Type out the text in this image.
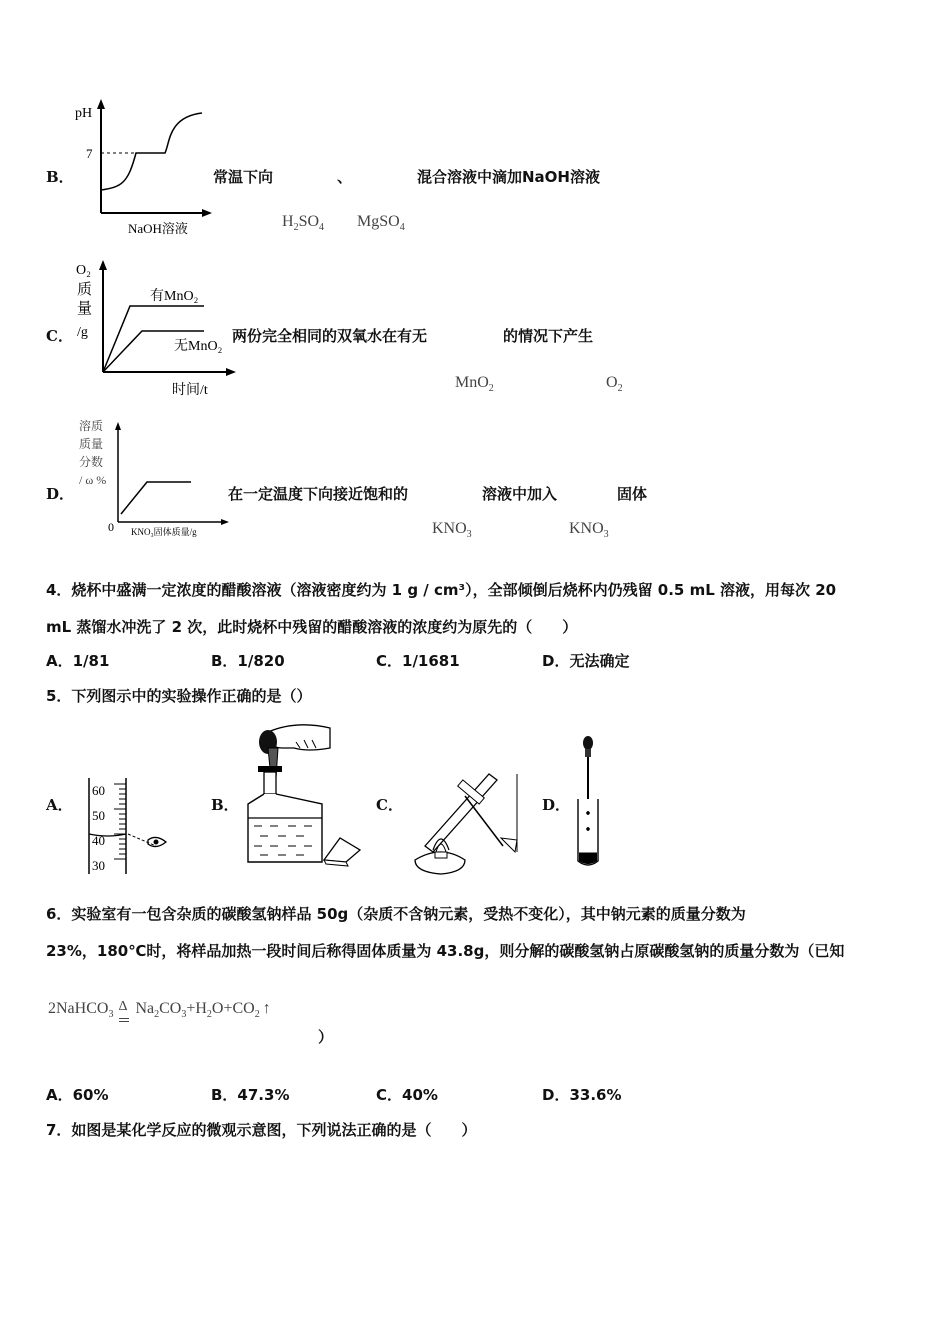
pH
7
NaOH溶液
B．	常温下向	、	混合溶液中滴加NaOH溶液
$H_2SO_4$ MgSO$_4$
O₂
质
量
/g
有MnO₂
无MnO₂
时间/t
C．	两份完全相同的双氧水在有无	的情况下产生
MnO$_2$	$O_2$
溶质
质量
分数
/ ω %
0 KNO₃固体质量/g
D．	在一定温度下向接近饱和的	溶液中加入	固体
$KNO_3$	$KNO_3$
4．烧杯中盛满一定浓度的醋酸溶液（溶液密度约为 1 g / cm³），全部倾倒后烧杯内仍残留 0.5 mL 溶液，用每次 20
mL 蒸馏水冲洗了 2 次，此时烧杯中残留的醋酸溶液的浓度约为原先的（　　）
A．1/81	B．1/820	C．1/1681	D．无法确定
5．下列图示中的实验操作正确的是（）
A．
60
50
40
30
B．	C．	D．
6．实验室有一包含杂质的碳酸氢钠样品 50g（杂质不含钠元素，受热不变化），其中钠元素的质量分数为
23%，180℃时，将样品加热一段时间后称得固体质量为 43.8g，则分解的碳酸氢钠占原碳酸氢钠的质量分数为（已知
2NaHCO$_3$
Δ $Na_2CO_3+H_2O+CO_2$ ↑
）
A．60%	B．47.3%	C．40%	D．33.6%
7．如图是某化学反应的微观示意图，下列说法正确的是（　　）
